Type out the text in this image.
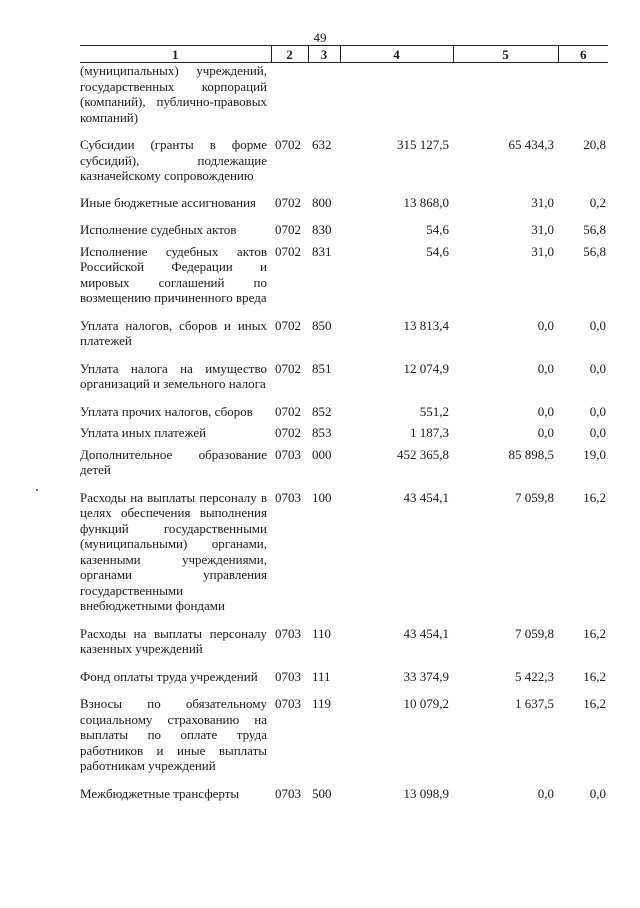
49
1	2	3	4	5	6
(муниципальных) учреждений, государственных корпораций (компаний), публично-правовых компаний)					
Субсидии (гранты в форме субсидий), подлежащие казначейскому сопровождению	0702	632	315 127,5	65 434,3	20,8
Иные бюджетные ассигнования	0702	800	13 868,0	31,0	0,2
Исполнение судебных актов	0702	830	54,6	31,0	56,8
Исполнение судебных актов Российской Федерации и мировых соглашений по возмещению причиненного вреда	0702	831	54,6	31,0	56,8
Уплата налогов, сборов и иных платежей	0702	850	13 813,4	0,0	0,0
Уплата налога на имущество организаций и земельного налога	0702	851	12 074,9	0,0	0,0
Уплата прочих налогов, сборов	0702	852	551,2	0,0	0,0
Уплата иных платежей	0702	853	1 187,3	0,0	0,0
Дополнительное образование детей	0703	000	452 365,8	85 898,5	19,0
Расходы на выплаты персоналу в целях обеспечения выполнения функций государственными (муниципальными) органами, казенными учреждениями, органами управления государственными внебюджетными фондами	0703	100	43 454,1	7 059,8	16,2
Расходы на выплаты персоналу казенных учреждений	0703	110	43 454,1	7 059,8	16,2
Фонд оплаты труда учреждений	0703	111	33 374,9	5 422,3	16,2
Взносы по обязательному социальному страхованию на выплаты по оплате труда работников и иные выплаты работникам учреждений	0703	119	10 079,2	1 637,5	16,2
Межбюджетные трансферты	0703	500	13 098,9	0,0	0,0
